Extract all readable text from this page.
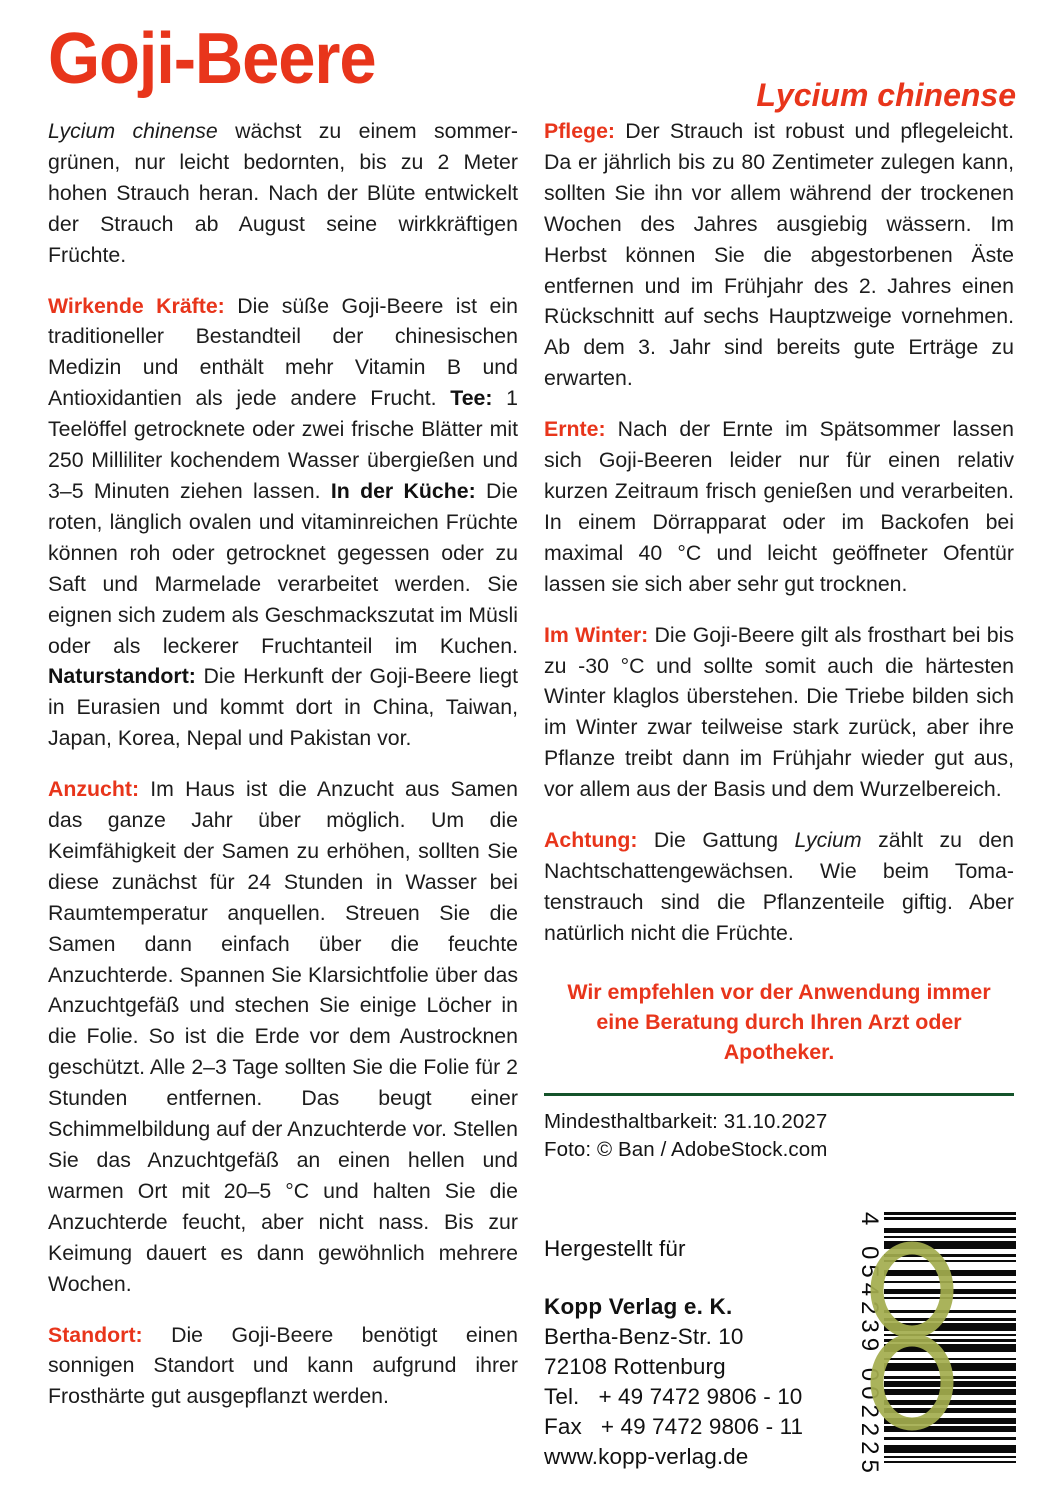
Goji-Beere	Lycium chinense

Lycium chinense wächst zu einem sommergrünen, nur leicht bedornten, bis zu 2 Meter hohen Strauch heran. Nach der Blüte entwickelt der Strauch ab August seine wirkkräftigen Früchte.

Wirkende Kräfte: Die süße Goji-Beere ist ein traditioneller Bestandteil der chinesischen Medizin und enthält mehr Vitamin B und Antioxidantien als jede andere Frucht. Tee: 1 Teelöffel getrocknete oder zwei frische Blätter mit 250 Milliliter kochendem Wasser übergießen und 3–5 Minuten ziehen lassen. In der Küche: Die roten, länglich ovalen und vitaminreichen Früchte können roh oder getrocknet gegessen oder zu Saft und Marmelade verarbeitet werden. Sie eignen sich zudem als Geschmackszutat im Müsli oder als leckerer Fruchtanteil im Kuchen. Naturstandort: Die Herkunft der Goji-Beere liegt in Eurasien und kommt dort in China, Taiwan, Japan, Korea, Nepal und Pakistan vor.

Anzucht: Im Haus ist die Anzucht aus Samen das ganze Jahr über möglich. Um die Keimfähigkeit der Samen zu erhöhen, sollten Sie diese zunächst für 24 Stunden in Wasser bei Raumtemperatur anquellen. Streuen Sie die Samen dann einfach über die feuchte Anzuchterde. Spannen Sie Klarsichtfolie über das Anzuchtgefäß und stechen Sie einige Löcher in die Folie. So ist die Erde vor dem Austrocknen geschützt. Alle 2–3 Tage sollten Sie die Folie für 2 Stunden entfernen. Das beugt einer Schimmelbildung auf der Anzuchterde vor. Stellen Sie das Anzuchtgefäß an einen hellen und warmen Ort mit 20–5 °C und halten Sie die Anzuchterde feucht, aber nicht nass. Bis zur Keimung dauert es dann gewöhnlich mehrere Wochen.

Standort: Die Goji-Beere benötigt einen sonnigen Standort und kann aufgrund ihrer Frosthärte gut ausgepflanzt werden.

Pflege: Der Strauch ist robust und pflegeleicht. Da er jährlich bis zu 80 Zentimeter zulegen kann, sollten Sie ihn vor allem während der trockenen Wochen des Jahres ausgiebig wässern. Im Herbst können Sie die abgestorbenen Äste entfernen und im Frühjahr des 2. Jahres einen Rückschnitt auf sechs Hauptzweige vornehmen. Ab dem 3. Jahr sind bereits gute Erträge zu erwarten.

Ernte: Nach der Ernte im Spätsommer lassen sich Goji-Beeren leider nur für einen relativ kurzen Zeitraum frisch genießen und verarbeiten. In einem Dörrapparat oder im Backofen bei maximal 40 °C und leicht geöffneter Ofentür lassen sie sich aber sehr gut trocknen.

Im Winter: Die Goji-Beere gilt als frosthart bei bis zu -30 °C und sollte somit auch die härtesten Winter klaglos überstehen. Die Triebe bilden sich im Winter zwar teilweise stark zurück, aber ihre Pflanze treibt dann im Frühjahr wieder gut aus, vor allem aus der Basis und dem Wurzelbereich.

Achtung: Die Gattung Lycium zählt zu den Nachtschattengewächsen. Wie beim Tomatenstrauch sind die Pflanzenteile giftig. Aber natürlich nicht die Früchte.

Wir empfehlen vor der Anwendung immer eine Beratung durch Ihren Arzt oder Apotheker.
Mindesthaltbarkeit: 31.10.2027
Foto: © Ban / AdobeStock.com
Hergestellt für
Kopp Verlag e. K.
Bertha-Benz-Str. 10
72108 Rottenburg
Tel.   + 49 7472 9806 - 10
Fax   + 49 7472 9806 - 11
www.kopp-verlag.de
4
054239 002225
